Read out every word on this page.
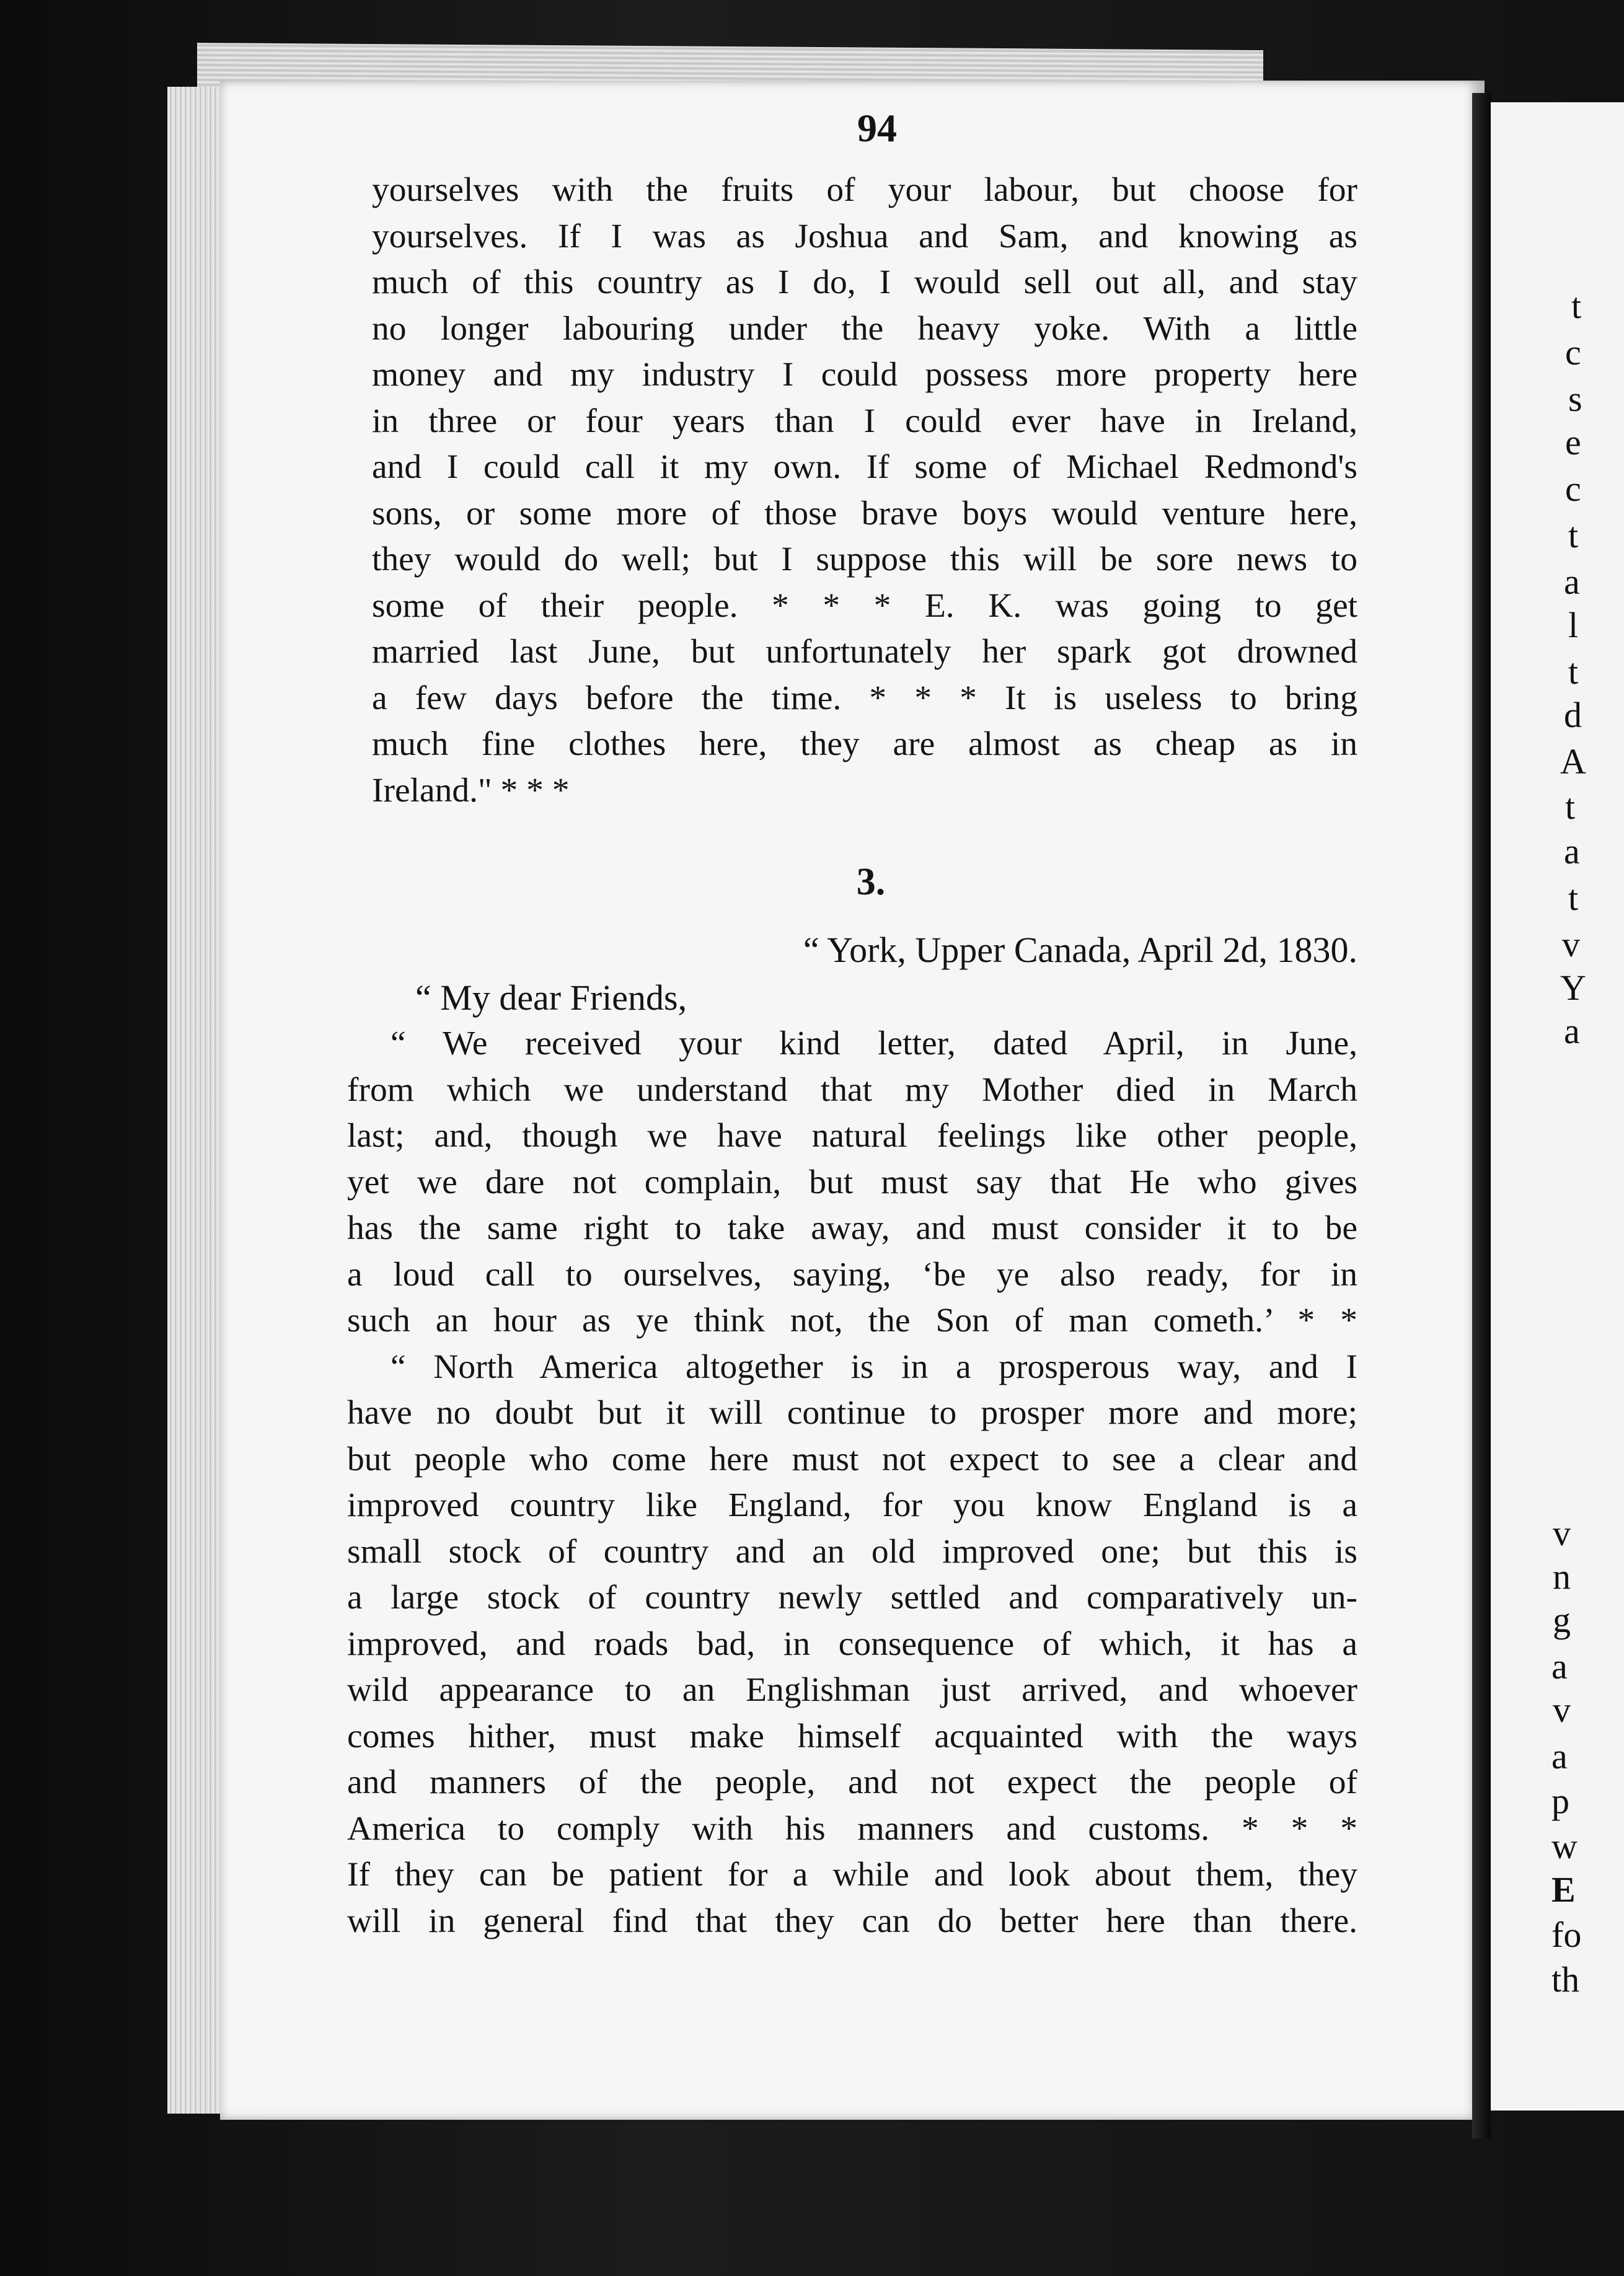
t
c
s
e
c
t
a
l
t
d
A
t
a
t
v
Y
a
v
n
g
a
v
a
p
w
E
fo
th
94
yourselves with the fruits of your labour, but choose for
yourselves. If I was as Joshua and Sam, and knowing as
much of this country as I do, I would sell out all, and stay
no longer labouring under the heavy yoke. With a little
money and my industry I could possess more property here
in three or four years than I could ever have in Ireland,
and I could call it my own. If some of Michael Redmond's
sons, or some more of those brave boys would venture here,
they would do well; but I suppose this will be sore news to
some of their people. * * * E. K. was going to get
married last June, but unfortunately her spark got drowned
a few days before the time. * * * It is useless to bring
much fine clothes here, they are almost as cheap as in
Ireland." * * *
3.
“ York, Upper Canada, April 2d, 1830.
“ My dear Friends,
“ We received your kind letter, dated April, in June,
from which we understand that my Mother died in March
last; and, though we have natural feelings like other people,
yet we dare not complain, but must say that He who gives
has the same right to take away, and must consider it to be
a loud call to ourselves, saying, ‘be ye also ready, for in
such an hour as ye think not, the Son of man cometh.’ * *
“ North America altogether is in a prosperous way, and I
have no doubt but it will continue to prosper more and more;
but people who come here must not expect to see a clear and
improved country like England, for you know England is a
small stock of country and an old improved one; but this is
a large stock of country newly settled and comparatively un-
improved, and roads bad, in consequence of which, it has a
wild appearance to an Englishman just arrived, and whoever
comes hither, must make himself acquainted with the ways
and manners of the people, and not expect the people of
America to comply with his manners and customs. * * *
If they can be patient for a while and look about them, they
will in general find that they can do better here than there.
